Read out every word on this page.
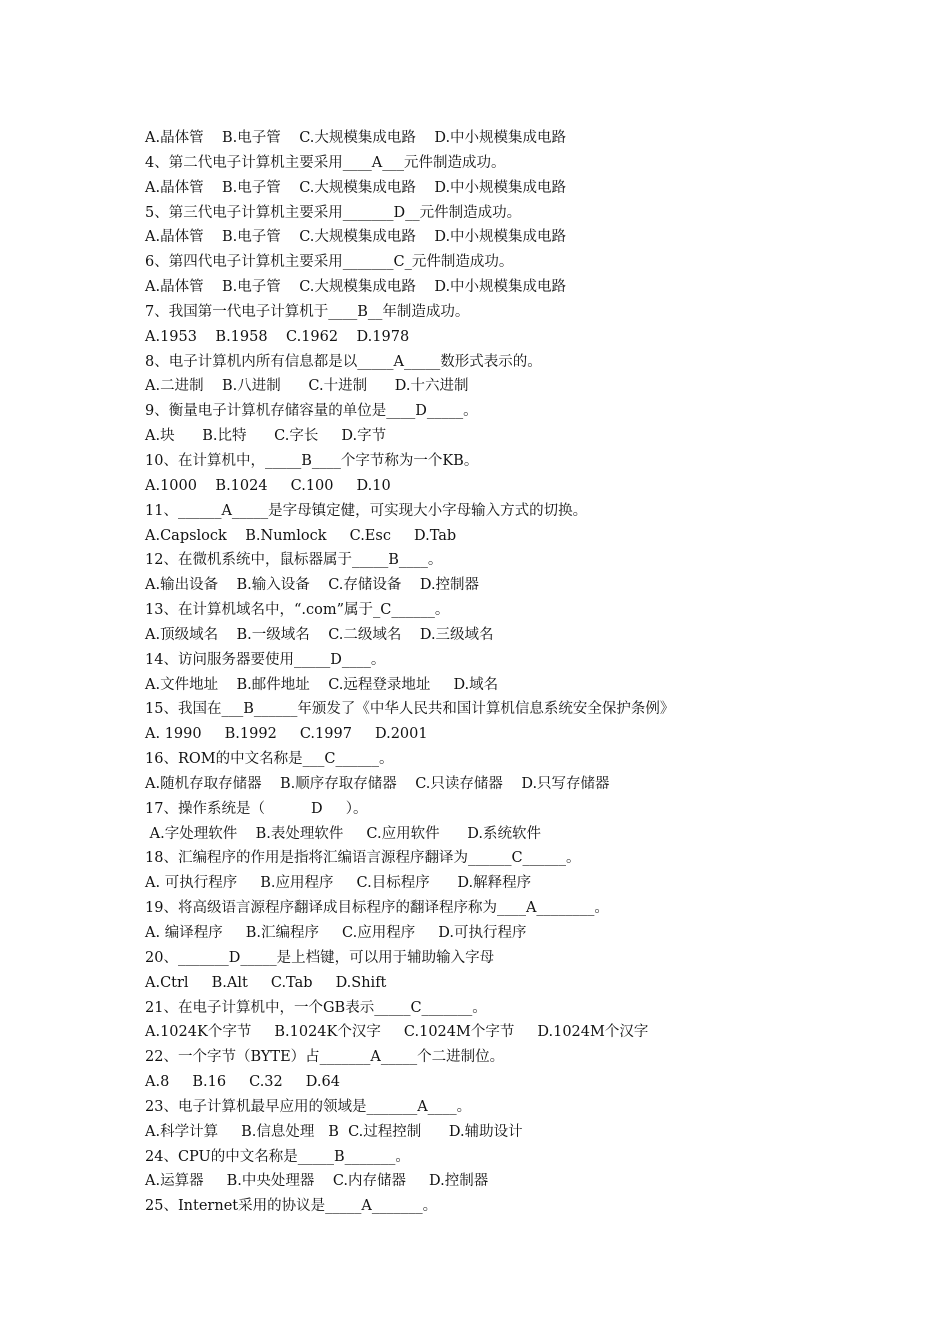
A.晶体管    B.电子管    C.大规模集成电路    D.中小规模集成电路
4、第二代电子计算机主要采用____A___元件制造成功。
A.晶体管    B.电子管    C.大规模集成电路    D.中小规模集成电路
5、第三代电子计算机主要采用_______D__元件制造成功。
A.晶体管    B.电子管    C.大规模集成电路    D.中小规模集成电路
6、第四代电子计算机主要采用_______C_元件制造成功。
A.晶体管    B.电子管    C.大规模集成电路    D.中小规模集成电路
7、我国第一代电子计算机于____B__年制造成功。
A.1953    B.1958    C.1962    D.1978
8、电子计算机内所有信息都是以_____A_____数形式表示的。
A.二进制    B.八进制      C.十进制      D.十六进制
9、衡量电子计算机存储容量的单位是____D_____。
A.块      B.比特      C.字长     D.字节
10、在计算机中，_____B____个字节称为一个KB。
A.1000    B.1024     C.100     D.10
11、______A_____是字母镇定健，可实现大小字母输入方式的切换。
A.Capslock    B.Numlock     C.Esc     D.Tab
12、在微机系统中，鼠标器属于_____B____。
A.输出设备    B.输入设备    C.存储设备    D.控制器
13、在计算机域名中，“.com”属于_C______。
A.顶级域名    B.一级域名    C.二级域名    D.三级域名
14、访问服务器要使用_____D____。
A.文件地址    B.邮件地址    C.远程登录地址     D.域名
15、我国在___B______年颁发了《中华人民共和国计算机信息系统安全保护条例》
A. 1990     B.1992     C.1997     D.2001
16、ROM的中文名称是___C______。
A.随机存取存储器    B.顺序存取存储器    C.只读存储器    D.只写存储器
17、操作系统是（          D     ）。
A.字处理软件    B.表处理软件     C.应用软件      D.系统软件
18、汇编程序的作用是指将汇编语言源程序翻译为______C______。
A. 可执行程序     B.应用程序     C.目标程序      D.解释程序
19、将高级语言源程序翻译成目标程序的翻译程序称为____A________。
A. 编译程序     B.汇编程序     C.应用程序     D.可执行程序
20、_______D_____是上档键，可以用于辅助输入字母
A.Ctrl     B.Alt     C.Tab     D.Shift
21、在电子计算机中，一个GB表示_____C_______。
A.1024K个字节     B.1024K个汉字     C.1024M个字节     D.1024M个汉字
22、一个字节（BYTE）占_______A_____个二进制位。
A.8     B.16     C.32     D.64
23、电子计算机最早应用的领域是_______A____。
A.科学计算     B.信息处理   B  C.过程控制      D.辅助设计
24、CPU的中文名称是_____B_______。
A.运算器     B.中央处理器    C.内存储器     D.控制器
25、Internet采用的协议是_____A_______。
